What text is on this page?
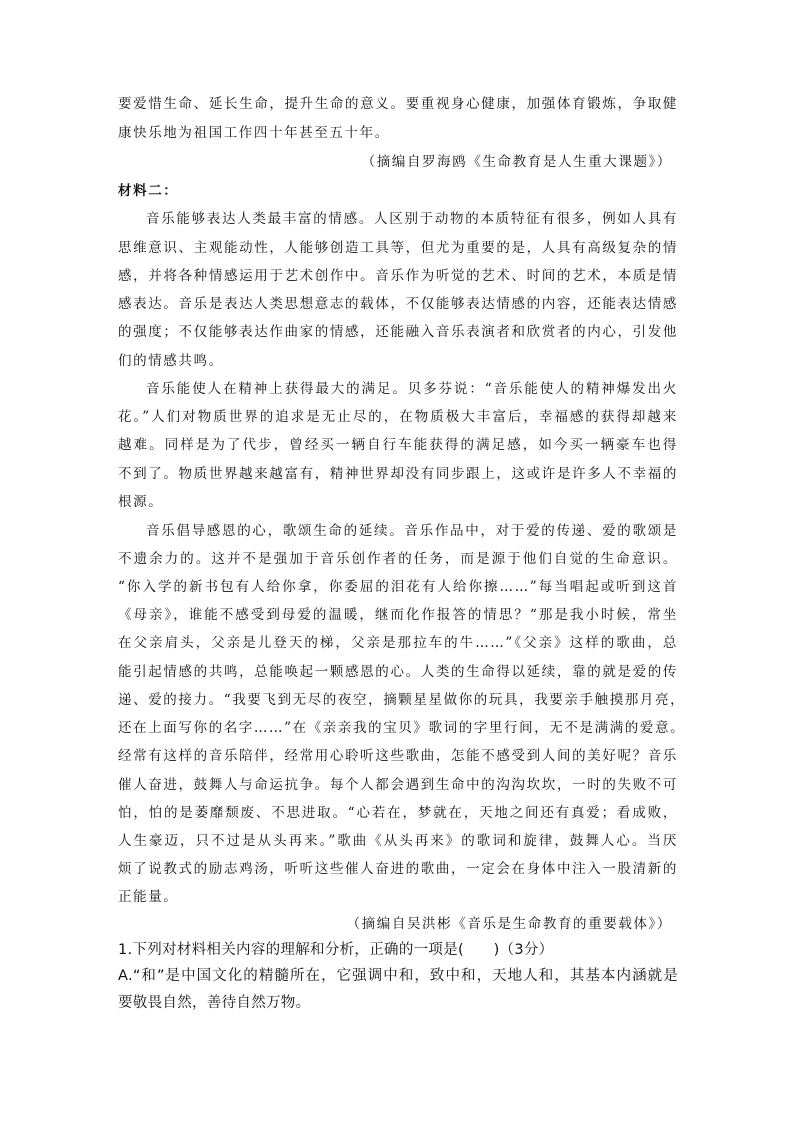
要爱惜生命、延长生命，提升生命的意义。要重视身心健康，加强体育锻炼，争取健
康快乐地为祖国工作四十年甚至五十年。
（摘编自罗海鸥《生命教育是人生重大课题》）
材料二：
音乐能够表达人类最丰富的情感。人区别于动物的本质特征有很多，例如人具有
思维意识、主观能动性，人能够创造工具等，但尤为重要的是，人具有高级复杂的情
感，并将各种情感运用于艺术创作中。音乐作为听觉的艺术、时间的艺术，本质是情
感表达。音乐是表达人类思想意志的载体，不仅能够表达情感的内容，还能表达情感
的强度；不仅能够表达作曲家的情感，还能融入音乐表演者和欣赏者的内心，引发他
们的情感共鸣。
音乐能使人在精神上获得最大的满足。贝多芬说：“音乐能使人的精神爆发出火
花。”人们对物质世界的追求是无止尽的，在物质极大丰富后，幸福感的获得却越来
越难。同样是为了代步，曾经买一辆自行车能获得的满足感，如今买一辆豪车也得
不到了。物质世界越来越富有，精神世界却没有同步跟上，这或许是许多人不幸福的
根源。
音乐倡导感恩的心，歌颂生命的延续。音乐作品中，对于爱的传递、爱的歌颂是
不遗余力的。这并不是强加于音乐创作者的任务，而是源于他们自觉的生命意识。
“你入学的新书包有人给你拿，你委屈的泪花有人给你擦……”每当唱起或听到这首
《母亲》，谁能不感受到母爱的温暖，继而化作报答的情思？“那是我小时候，常坐
在父亲肩头，父亲是儿登天的梯，父亲是那拉车的牛……”《父亲》这样的歌曲，总
能引起情感的共鸣，总能唤起一颗感恩的心。人类的生命得以延续，靠的就是爱的传
递、爱的接力。“我要飞到无尽的夜空，摘颗星星做你的玩具，我要亲手触摸那月亮，
还在上面写你的名字……”在《亲亲我的宝贝》歌词的字里行间，无不是满满的爱意。
经常有这样的音乐陪伴，经常用心聆听这些歌曲，怎能不感受到人间的美好呢？音乐
催人奋进，鼓舞人与命运抗争。每个人都会遇到生命中的沟沟坎坎，一时的失败不可
怕，怕的是萎靡颓废、不思进取。“心若在，梦就在，天地之间还有真爱；看成败，
人生豪迈，只不过是从头再来。”歌曲《从头再来》的歌词和旋律，鼓舞人心。当厌
烦了说教式的励志鸡汤，听听这些催人奋进的歌曲，一定会在身体中注入一股清新的
正能量。
（摘编自吴洪彬《音乐是生命教育的重要载体》）
1.下列对材料相关内容的理解和分析，正确的一项是(　　)（3分）
A.“和”是中国文化的精髓所在，它强调中和，致中和，天地人和，其基本内涵就是
要敬畏自然，善待自然万物。
